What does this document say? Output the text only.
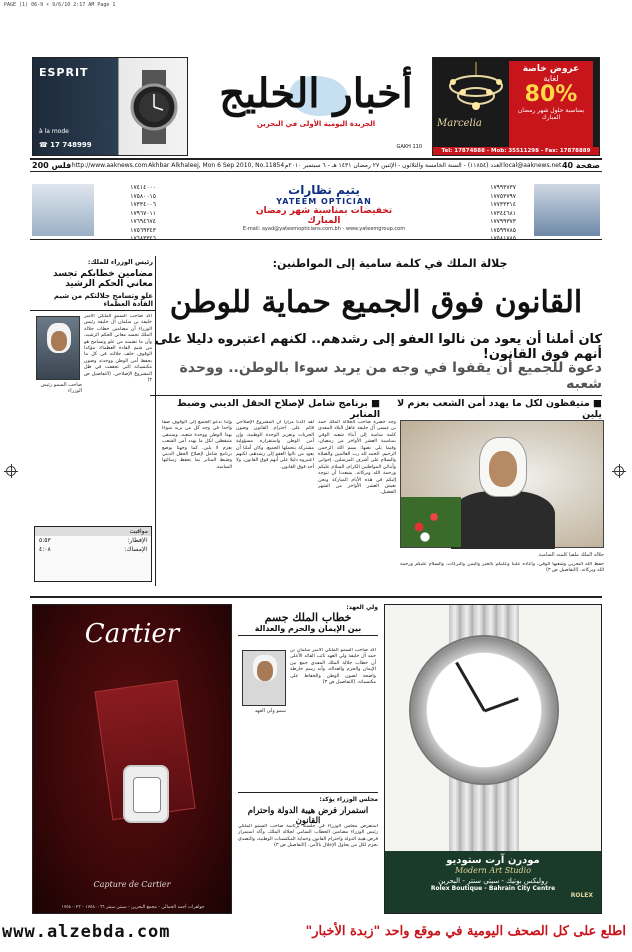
PAGE (1) 06-9 ☀ 9/6/10 2:17 AM Page 1
ESPRIT
à la mode
☎ 17 748999
أخبار الخليج
الجريدة اليومية الأولى في البحرين
GAKH 110
Marcelia
عروض خاصة
لغاية
80%
بمناسبة حلول شهر رمضان المبارك
Tel: 17874888 - Mob: 35511298 - Fax: 17878889
200 فلس http://www.aaknews.com Akhbar Alkhaleej, Mon 6 Sep 2010, No.11854 العدد (١١٨٥٤) - السنة الخامسة والثلاثون - الإثنين ٢٧ رمضان ١٤٣١ هـ - ٦ سبتمبر ٢٠١٠م local@aaknews.net 40 صفحة
١٧٤١٤٠٠٠
١٧٥٨٠٠١٥
١٧٣٣٤٠٠٦
١٧٩٦٧٠١١
١٧٦٩٤٦٧٤
١٧٥٦٩٣٤٣
١٧٦٨٣٣٤٦
١٧٩٩٣٧٣٧
١٧٧٥٣٧٩٧
١٧٧٣٣٣١٤
١٧٣٤٤٦٨١
١٧٧٩٩٣٧٣
١٧٥٩٩٧٨٥
١٧٥٨١٧٨٥
يتيم نظارات
YATEEM OPTICIAN
تخفيضات بمناسبة شهر رمضان المبارك
E-mail: ayad@yateemopticians.com.bh - www.yateemgroup.com
جلالة الملك في كلمة سامية إلى المواطنين:
القانون فوق الجميع حماية للوطن
كان أملنا أن يعود من نالوا العفو إلى رشدهم.. لكنهم اعتبروه دليلا على أنهم فوق القانون!
دعوة للجميع أن يقفوا في وجه من يريد سوءا بالوطن.. ووحدة شعبه
■ متيقظون لكل ما يهدد أمن الشعب بعزم لا يلين
■ برنامج شامل لإصلاح الحقل الديني وضبط المنابر
جلالة الملك ملقيا كلمته السامية.
حفظ الله البحرين وشعبها الوفي، وأعاده علينا وعليكم بالخير واليمن والبركات، والسلام عليكم ورحمة الله وبركاته. (التفاصيل ص ٣)
وجه حضرة صاحب الجلالة الملك حمد بن عيسى آل خليفة عاهل البلاد المفدى كلمة سامية إلى أبناء شعبه الوفي بمناسبة العشر الأواخر من رمضان، وفيما يلي نصها: بسم الله الرحمن الرحيم، الحمد لله رب العالمين والصلاة والسلام على أشرف المرسلين. إخواني وأبنائي المواطنين الكرام، السلام عليكم ورحمة الله وبركاته. يسعدنا أن نتوجه إليكم في هذه الأيام المباركة ونحن نعيش العشر الأواخر من الشهر الفضيل.
لقد أكدنا مرارا أن المشروع الإصلاحي قائم على احترام القانون وصون الحريات وتعزيز الوحدة الوطنية، وإن أمن الوطن واستقراره مسؤولية مشتركة يتحملها الجميع. وكان أملنا أن يعود من نالوا العفو إلى رشدهم، لكنهم اعتبروه دليلا على أنهم فوق القانون، ولا أحد فوق القانون.
وإننا ندعو الجميع إلى الوقوف صفا واحدا في وجه كل من يريد سوءا بهذا الوطن ووحدة شعبه، وسنبقى متيقظين لكل ما يهدد أمن الشعب بعزم لا يلين. كما وجهنا بوضع برنامج شامل لإصلاح الحقل الديني وضبط المنابر بما يحفظ رسالتها السامية.
رئيس الوزراء للملك:
مضامين خطابكم تجسد معاني الحكم الرشيد
علو وتسامح جلالتكم من شيم القادة العظماء
صاحب السمو رئيس الوزراء
أكد صاحب السمو الملكي الأمير خليفة بن سلمان آل خليفة رئيس الوزراء أن مضامين خطاب جلالة الملك تجسد معاني الحكم الرشيد، وأن ما تضمنه من علو وتسامح هو من شيم القادة العظماء، مؤكدا الوقوف خلف جلالته في كل ما يحفظ أمن الوطن ووحدته وصون مكتسباته التي تحققت في ظل المشروع الإصلاحي. (التفاصيل ص ٣)
مواقيت
الإفطار:
٥:٥٣
الإمساك:
٤:٠٨
Cartier
Capture de Cartier
جواهرات أحمد الحمالي - مجمع البحرين - سيتي سنتر ١٧٥٨٠٠٦٦ - ١٧٥٨٠٠٢٣
ولي العهد:
خطاب الملك جسم
بين الإيمان والحزم والعدالة
سمو ولي العهد
أكد صاحب السمو الملكي الأمير سلمان بن حمد آل خليفة ولي العهد نائب القائد الأعلى أن خطاب جلالة الملك المفدى جمع بين الإيمان والحزم والعدالة، وأنه رسم خارطة واضحة لصون الوطن والحفاظ على مكتسباته. (التفاصيل ص ٣)
مجلس الوزراء يؤكد:
استمرار فرض هيبة الدولة واحترام القانون
استعرض مجلس الوزراء في جلسته برئاسة صاحب السمو الملكي رئيس الوزراء مضامين الخطاب السامي لجلالة الملك، وأكد استمرار فرض هيبة الدولة واحترام القانون وحماية المكتسبات الوطنية، والتصدي بحزم لكل من يحاول الإخلال بالأمن. (التفاصيل ص ٣)
مودرن آرت ستوديو
Modern Art Studio
روليكس بوتيك - سيتي سنتر - البحرين
Rolex Boutique - Bahrain City Centre
ROLEX
www.alzebda.com	اطلع على كل الصحف اليومية في موقع واحد "زبدة الأخبار"
